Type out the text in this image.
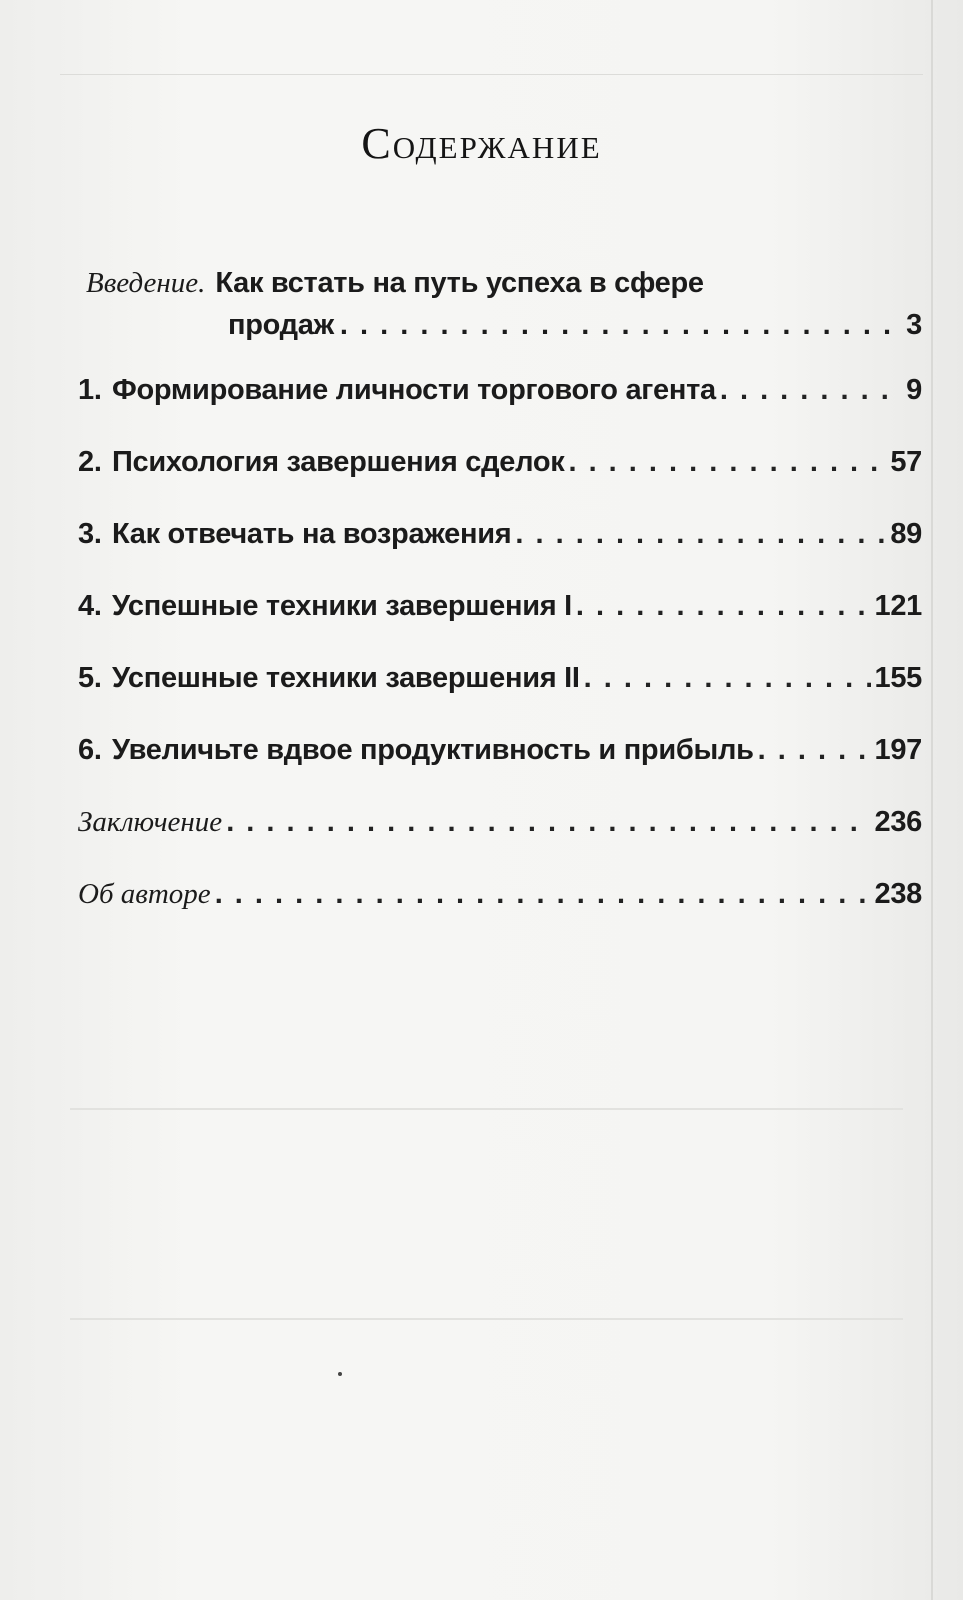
Содержание
Введение. Как встать на путь успеха в сфере
продаж . . .	3
1. Формирование личности торгового агента . . .	9
2. Психология завершения сделок . . .	57
3. Как отвечать на возражения . . .	89
4. Успешные техники завершения I . . .	121
5. Успешные техники завершения II . . .	155
6. Увеличьте вдвое продуктивность и прибыль . . .	197
Заключение . . .	236
Об авторе . . .	238
